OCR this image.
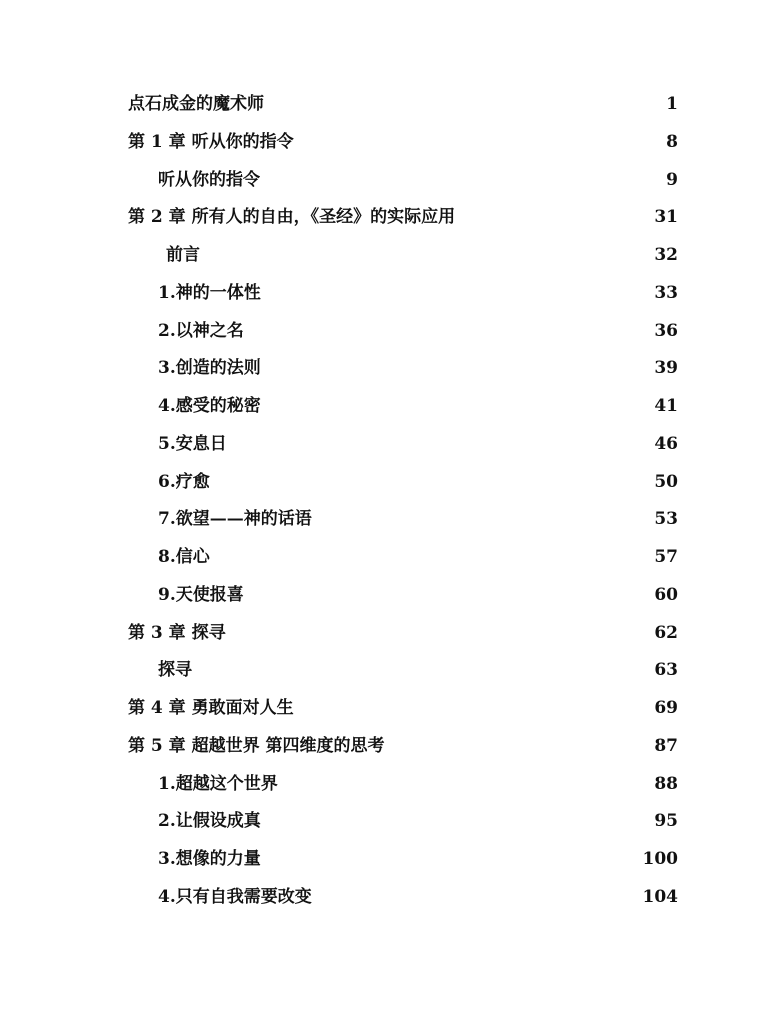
点石成金的魔术师	1
第 1 章 听从你的指令	8
听从你的指令	9
第 2 章 所有人的自由，《圣经》的实际应用	31
前言	32
1.神的一体性	33
2.以神之名	36
3.创造的法则	39
4.感受的秘密	41
5.安息日	46
6.疗愈	50
7.欲望——神的话语	53
8.信心	57
9.天使报喜	60
第 3 章 探寻	62
探寻	63
第 4 章 勇敢面对人生	69
第 5 章 超越世界 第四维度的思考	87
1.超越这个世界	88
2.让假设成真	95
3.想像的力量	100
4.只有自我需要改变	104
